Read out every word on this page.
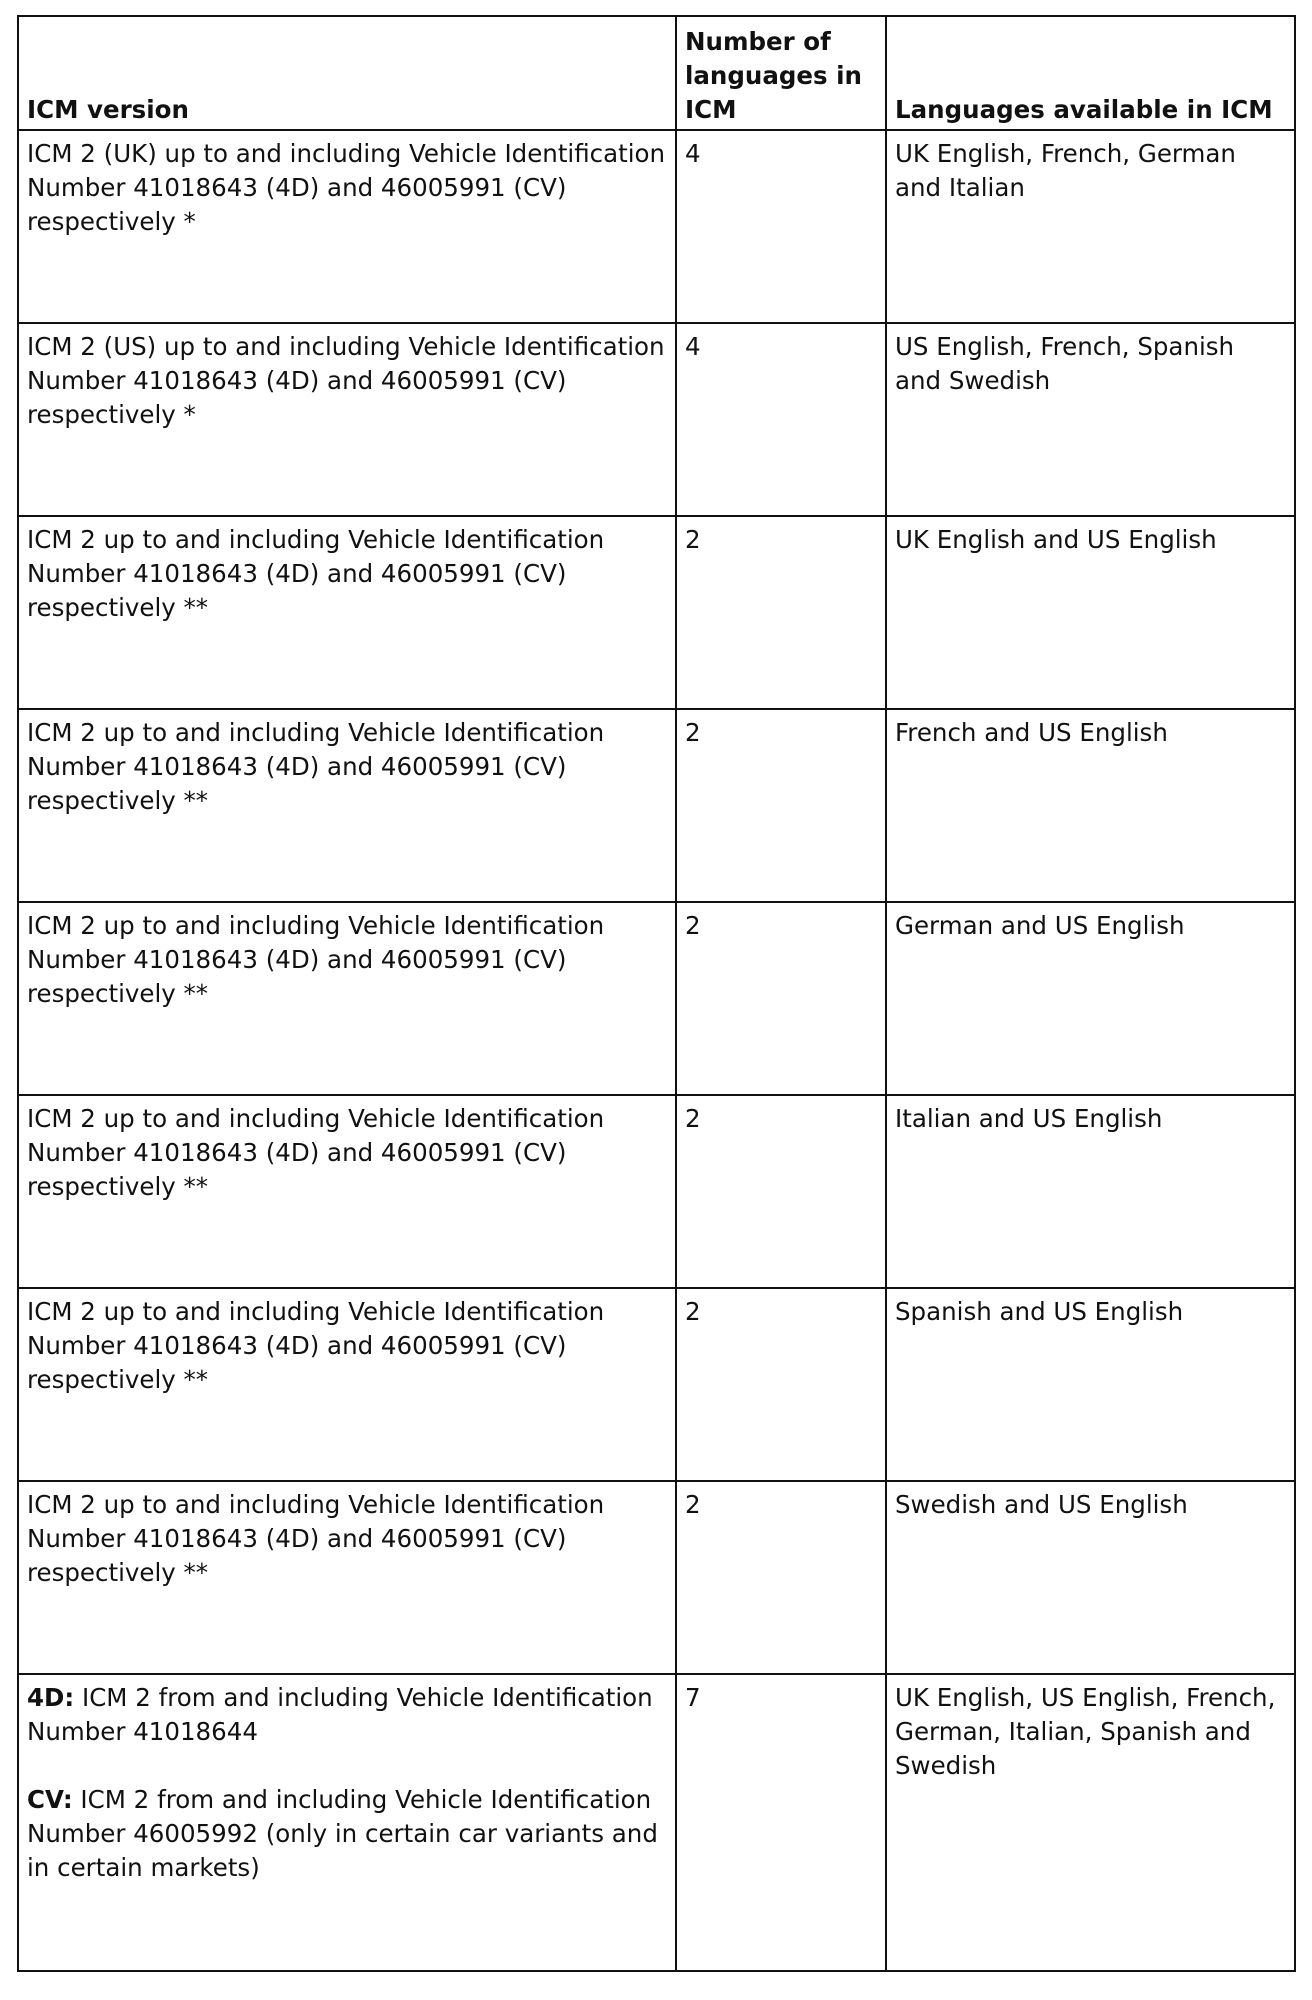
ICM version	Number of languages in ICM	Languages available in ICM
ICM 2 (UK) up to and including Vehicle Identification Number 41018643 (4D) and 46005991 (CV) respectively *	4	UK English, French, German and Italian
ICM 2 (US) up to and including Vehicle Identification Number 41018643 (4D) and 46005991 (CV) respectively *	4	US English, French, Spanish and Swedish
ICM 2 up to and including Vehicle Identification Number 41018643 (4D) and 46005991 (CV) respectively **	2	UK English and US English
ICM 2 up to and including Vehicle Identification Number 41018643 (4D) and 46005991 (CV) respectively **	2	French and US English
ICM 2 up to and including Vehicle Identification Number 41018643 (4D) and 46005991 (CV) respectively **	2	German and US English
ICM 2 up to and including Vehicle Identification Number 41018643 (4D) and 46005991 (CV) respectively **	2	Italian and US English
ICM 2 up to and including Vehicle Identification Number 41018643 (4D) and 46005991 (CV) respectively **	2	Spanish and US English
ICM 2 up to and including Vehicle Identification Number 41018643 (4D) and 46005991 (CV) respectively **	2	Swedish and US English

4D: ICM 2 from and including Vehicle Identification Number 41018644
CV: ICM 2 from and including Vehicle Identification Number 46005992 (only in certain car variants and in certain markets)	7	UK English, US English, French, German, Italian, Spanish and Swedish
